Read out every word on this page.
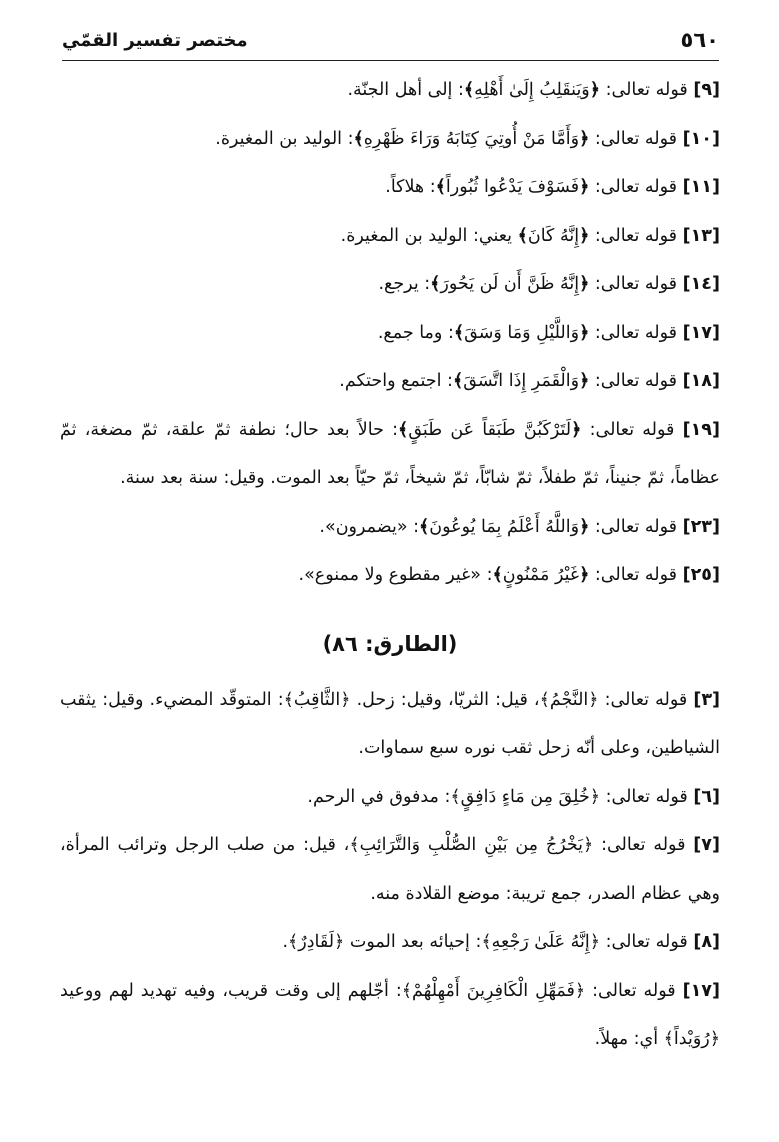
٥٦٠
مختصر تفسير القمّي

[٩] قوله تعالى: ﴿وَيَنقَلِبُ إِلَىٰ أَهْلِهِ﴾: إلى أهل الجنّة.

[١٠] قوله تعالى: ﴿وَأَمَّا مَنْ أُوتِيَ كِتَابَهُ وَرَاءَ ظَهْرِهِ﴾: الوليد بن المغيرة.

[١١] قوله تعالى: ﴿فَسَوْفَ يَدْعُوا ثُبُوراً﴾: هلاكاً.

[١٣] قوله تعالى: ﴿إِنَّهُ كَانَ﴾ يعني: الوليد بن المغيرة.

[١٤] قوله تعالى: ﴿إِنَّهُ ظَنَّ أَن لَن يَحُورَ﴾: يرجع.

[١٧] قوله تعالى: ﴿وَاللَّيْلِ وَمَا وَسَقَ﴾: وما جمع.

[١٨] قوله تعالى: ﴿وَالْقَمَرِ إِذَا اتَّسَقَ﴾: اجتمع واحتكم.

[١٩] قوله تعالى: ﴿لَتَرْكَبُنَّ طَبَقاً عَن طَبَقٍ﴾: حالاً بعد حال؛ نطفة ثمّ علقة، ثمّ مضغة، ثمّ عظاماً، ثمّ جنيناً، ثمّ طفلاً، ثمّ شابّاً، ثمّ شيخاً، ثمّ حيّاً بعد الموت. وقيل: سنة بعد سنة.

[٢٣] قوله تعالى: ﴿وَاللَّهُ أَعْلَمُ بِمَا يُوعُونَ﴾: «يضمرون».

[٢٥] قوله تعالى: ﴿غَيْرُ مَمْنُونٍ﴾: «غير مقطوع ولا ممنوع».

(الطارق: ٨٦)

[٣] قوله تعالى: ﴿النَّجْمُ﴾، قيل: الثريّا، وقيل: زحل. ﴿الثَّاقِبُ﴾: المتوقّد المضيء. وقيل: يثقب الشياطين، وعلى أنّه زحل ثقب نوره سبع سماوات.

[٦] قوله تعالى: ﴿خُلِقَ مِن مَاءٍ دَافِقٍ﴾: مدفوق في الرحم.

[٧] قوله تعالى: ﴿يَخْرُجُ مِن بَيْنِ الصُّلْبِ وَالتَّرَائِبِ﴾، قيل: من صلب الرجل وترائب المرأة، وهي عظام الصدر، جمع تريبة: موضع القلادة منه.

[٨] قوله تعالى: ﴿إِنَّهُ عَلَىٰ رَجْعِهِ﴾: إحيائه بعد الموت ﴿لَقَادِرٌ﴾.

[١٧] قوله تعالى: ﴿فَمَهِّلِ الْكَافِرِينَ أَمْهِلْهُمْ﴾: أجّلهم إلى وقت قريب، وفيه تهديد لهم ووعيد ﴿رُوَيْداً﴾ أي: مهلاً.
